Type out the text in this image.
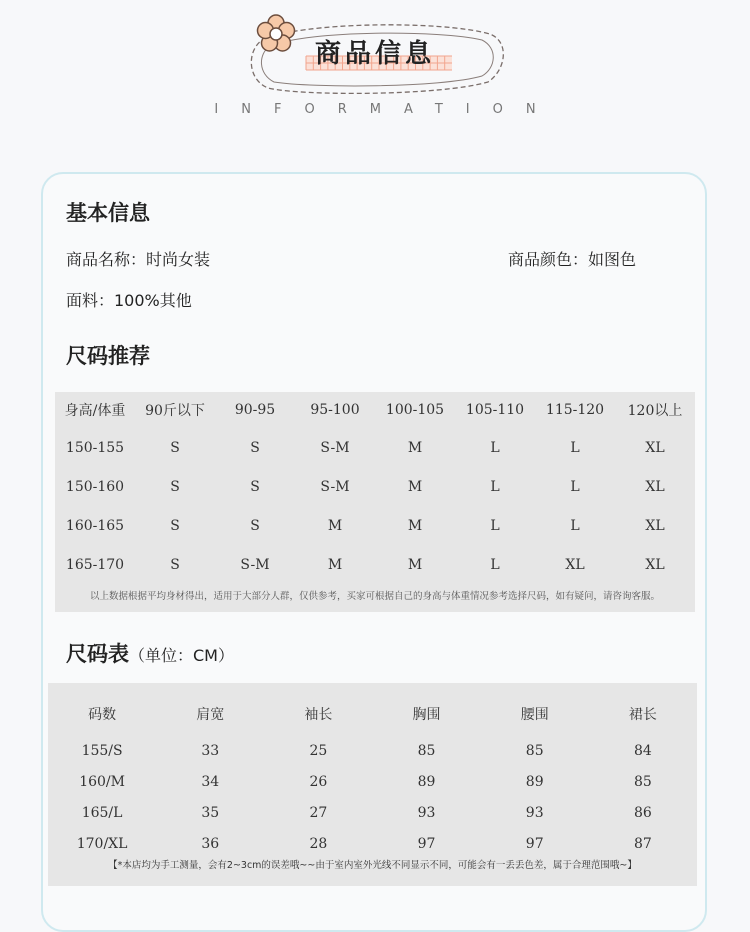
商品信息
INFORMATION
基本信息
商品名称：时尚女装	商品颜色：如图色
面料：100%其他
尺码推荐
身高/体重	90斤以下	90-95	95-100	100-105	105-110	115-120	120以上
150-155	S	S	S-M	M	L	L	XL
150-160	S	S	S-M	M	L	L	XL
160-165	S	S	M	M	L	L	XL
165-170	S	S-M	M	M	L	XL	XL
以上数据根据平均身材得出，适用于大部分人群，仅供参考，买家可根据自己的身高与体重情况参考选择尺码，如有疑问，请咨询客服。
尺码表（单位：CM）
码数	肩宽	袖长	胸围	腰围	裙长
155/S	33	25	85	85	84
160/M	34	26	89	89	85
165/L	35	27	93	93	86
170/XL	36	28	97	97	87
【*本店均为手工测量，会有2~3cm的误差哦~~由于室内室外光线不同显示不同，可能会有一丢丢色差，属于合理范围哦~】
